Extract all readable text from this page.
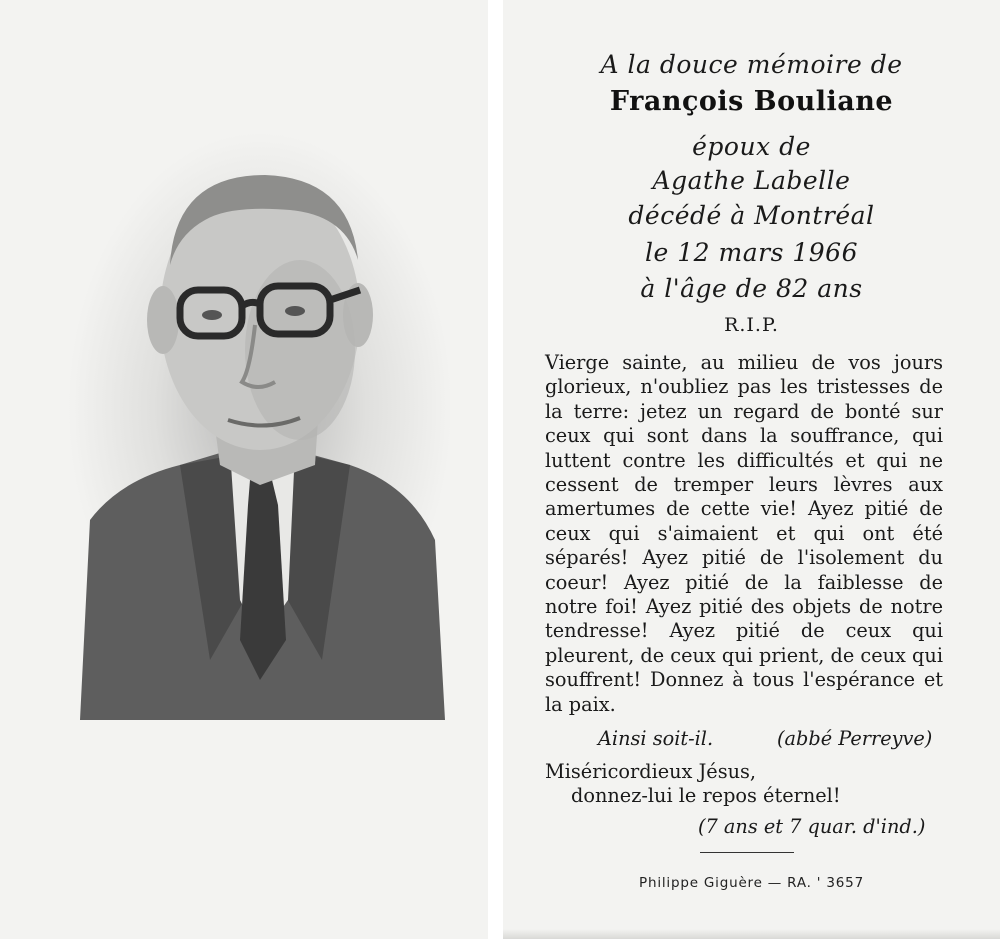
A la douce mémoire de

François Bouliane

époux de

Agathe Labelle

décédé à Montréal

le 12 mars 1966

à l'âge de 82 ans

R.I.P.

Vierge sainte, au milieu de vos jours glorieux, n'oubliez pas les tristesses de la terre: jetez un regard de bonté sur ceux qui sont dans la souffrance, qui luttent contre les difficultés et qui ne cessent de tremper leurs lèvres aux amertumes de cette vie! Ayez pitié de ceux qui s'aimaient et qui ont été séparés! Ayez pitié de l'isolement du coeur! Ayez pitié de la faiblesse de notre foi! Ayez pitié des objets de notre tendresse! Ayez pitié de ceux qui pleurent, de ceux qui prient, de ceux qui souffrent! Donnez à tous l'espérance et la paix.

Ainsi soit-il.	(abbé Perreyve)
Miséricordieux Jésus,
donnez-lui le repos éternel!
(7 ans et 7 quar. d'ind.)
Philippe Giguère — RA. ' 3657
